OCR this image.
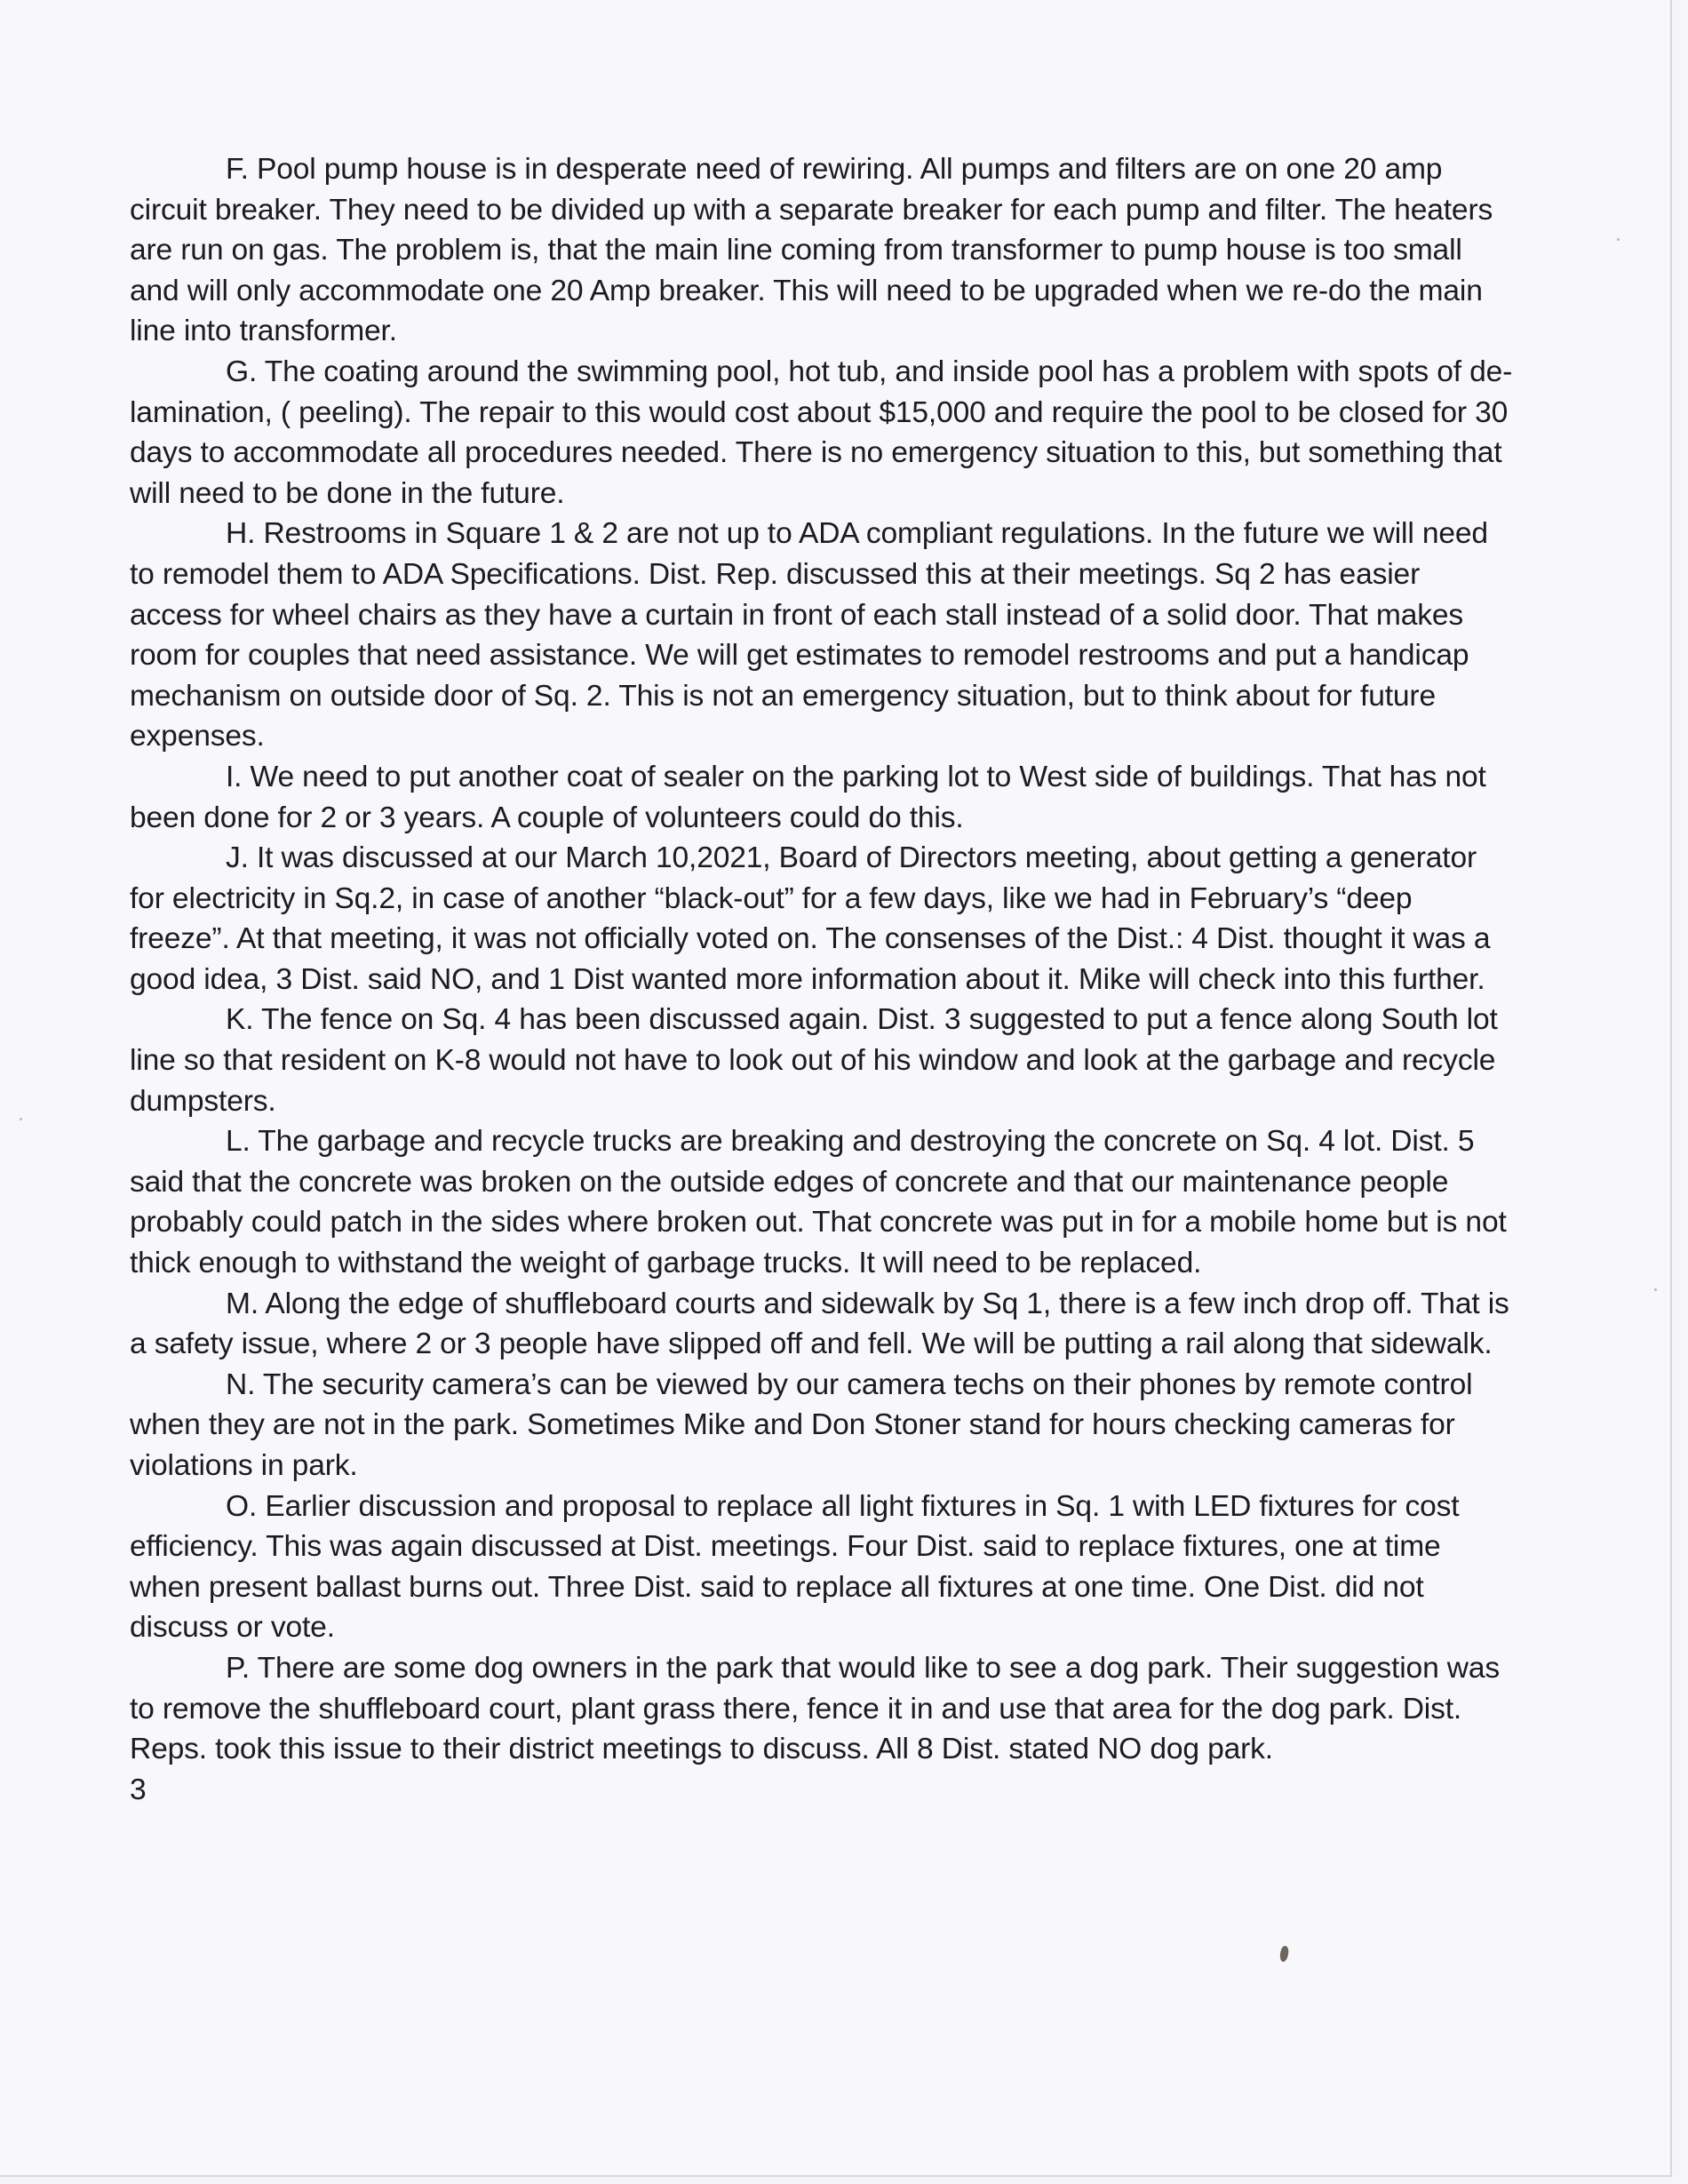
F. Pool pump house is in desperate need of rewiring. All pumps and filters are on one 20 amp circuit breaker. They need to be divided up with a separate breaker for each pump and filter. The heaters are run on gas. The problem is, that the main line coming from transformer to pump house is too small and will only accommodate one 20 Amp breaker. This will need to be upgraded when we re-do the main line into transformer.

G. The coating around the swimming pool, hot tub, and inside pool has a problem with spots of de-lamination, ( peeling). The repair to this would cost about $15,000 and require the pool to be closed for 30 days to accommodate all procedures needed. There is no emergency situation to this, but something that will need to be done in the future.

H. Restrooms in Square 1 & 2 are not up to ADA compliant regulations. In the future we will need to remodel them to ADA Specifications. Dist. Rep. discussed this at their meetings. Sq 2 has easier access for wheel chairs as they have a curtain in front of each stall instead of a solid door. That makes room for couples that need assistance. We will get estimates to remodel restrooms and put a handicap mechanism on outside door of Sq. 2. This is not an emergency situation, but to think about for future expenses.

I. We need to put another coat of sealer on the parking lot to West side of buildings. That has not been done for 2 or 3 years. A couple of volunteers could do this.

J. It was discussed at our March 10,2021, Board of Directors meeting, about getting a generator for electricity in Sq.2, in case of another “black-out” for a few days, like we had in February’s “deep freeze”. At that meeting, it was not officially voted on. The consenses of the Dist.: 4 Dist. thought it was a good idea, 3 Dist. said NO, and 1 Dist wanted more information about it. Mike will check into this further.

K. The fence on Sq. 4 has been discussed again. Dist. 3 suggested to put a fence along South lot line so that resident on K-8 would not have to look out of his window and look at the garbage and recycle dumpsters.

L. The garbage and recycle trucks are breaking and destroying the concrete on Sq. 4 lot. Dist. 5 said that the concrete was broken on the outside edges of concrete and that our maintenance people probably could patch in the sides where broken out. That concrete was put in for a mobile home but is not thick enough to withstand the weight of garbage trucks. It will need to be replaced.

M. Along the edge of shuffleboard courts and sidewalk by Sq 1, there is a few inch drop off. That is a safety issue, where 2 or 3 people have slipped off and fell. We will be putting a rail along that sidewalk.

N. The security camera’s can be viewed by our camera techs on their phones by remote control when they are not in the park. Sometimes Mike and Don Stoner stand for hours checking cameras for violations in park.

O. Earlier discussion and proposal to replace all light fixtures in Sq. 1 with LED fixtures for cost efficiency. This was again discussed at Dist. meetings. Four Dist. said to replace fixtures, one at time when present ballast burns out. Three Dist. said to replace all fixtures at one time. One Dist. did not discuss or vote.

P. There are some dog owners in the park that would like to see a dog park. Their suggestion was to remove the shuffleboard court, plant grass there, fence it in and use that area for the dog park. Dist. Reps. took this issue to their district meetings to discuss. All 8 Dist. stated NO dog park.

3
